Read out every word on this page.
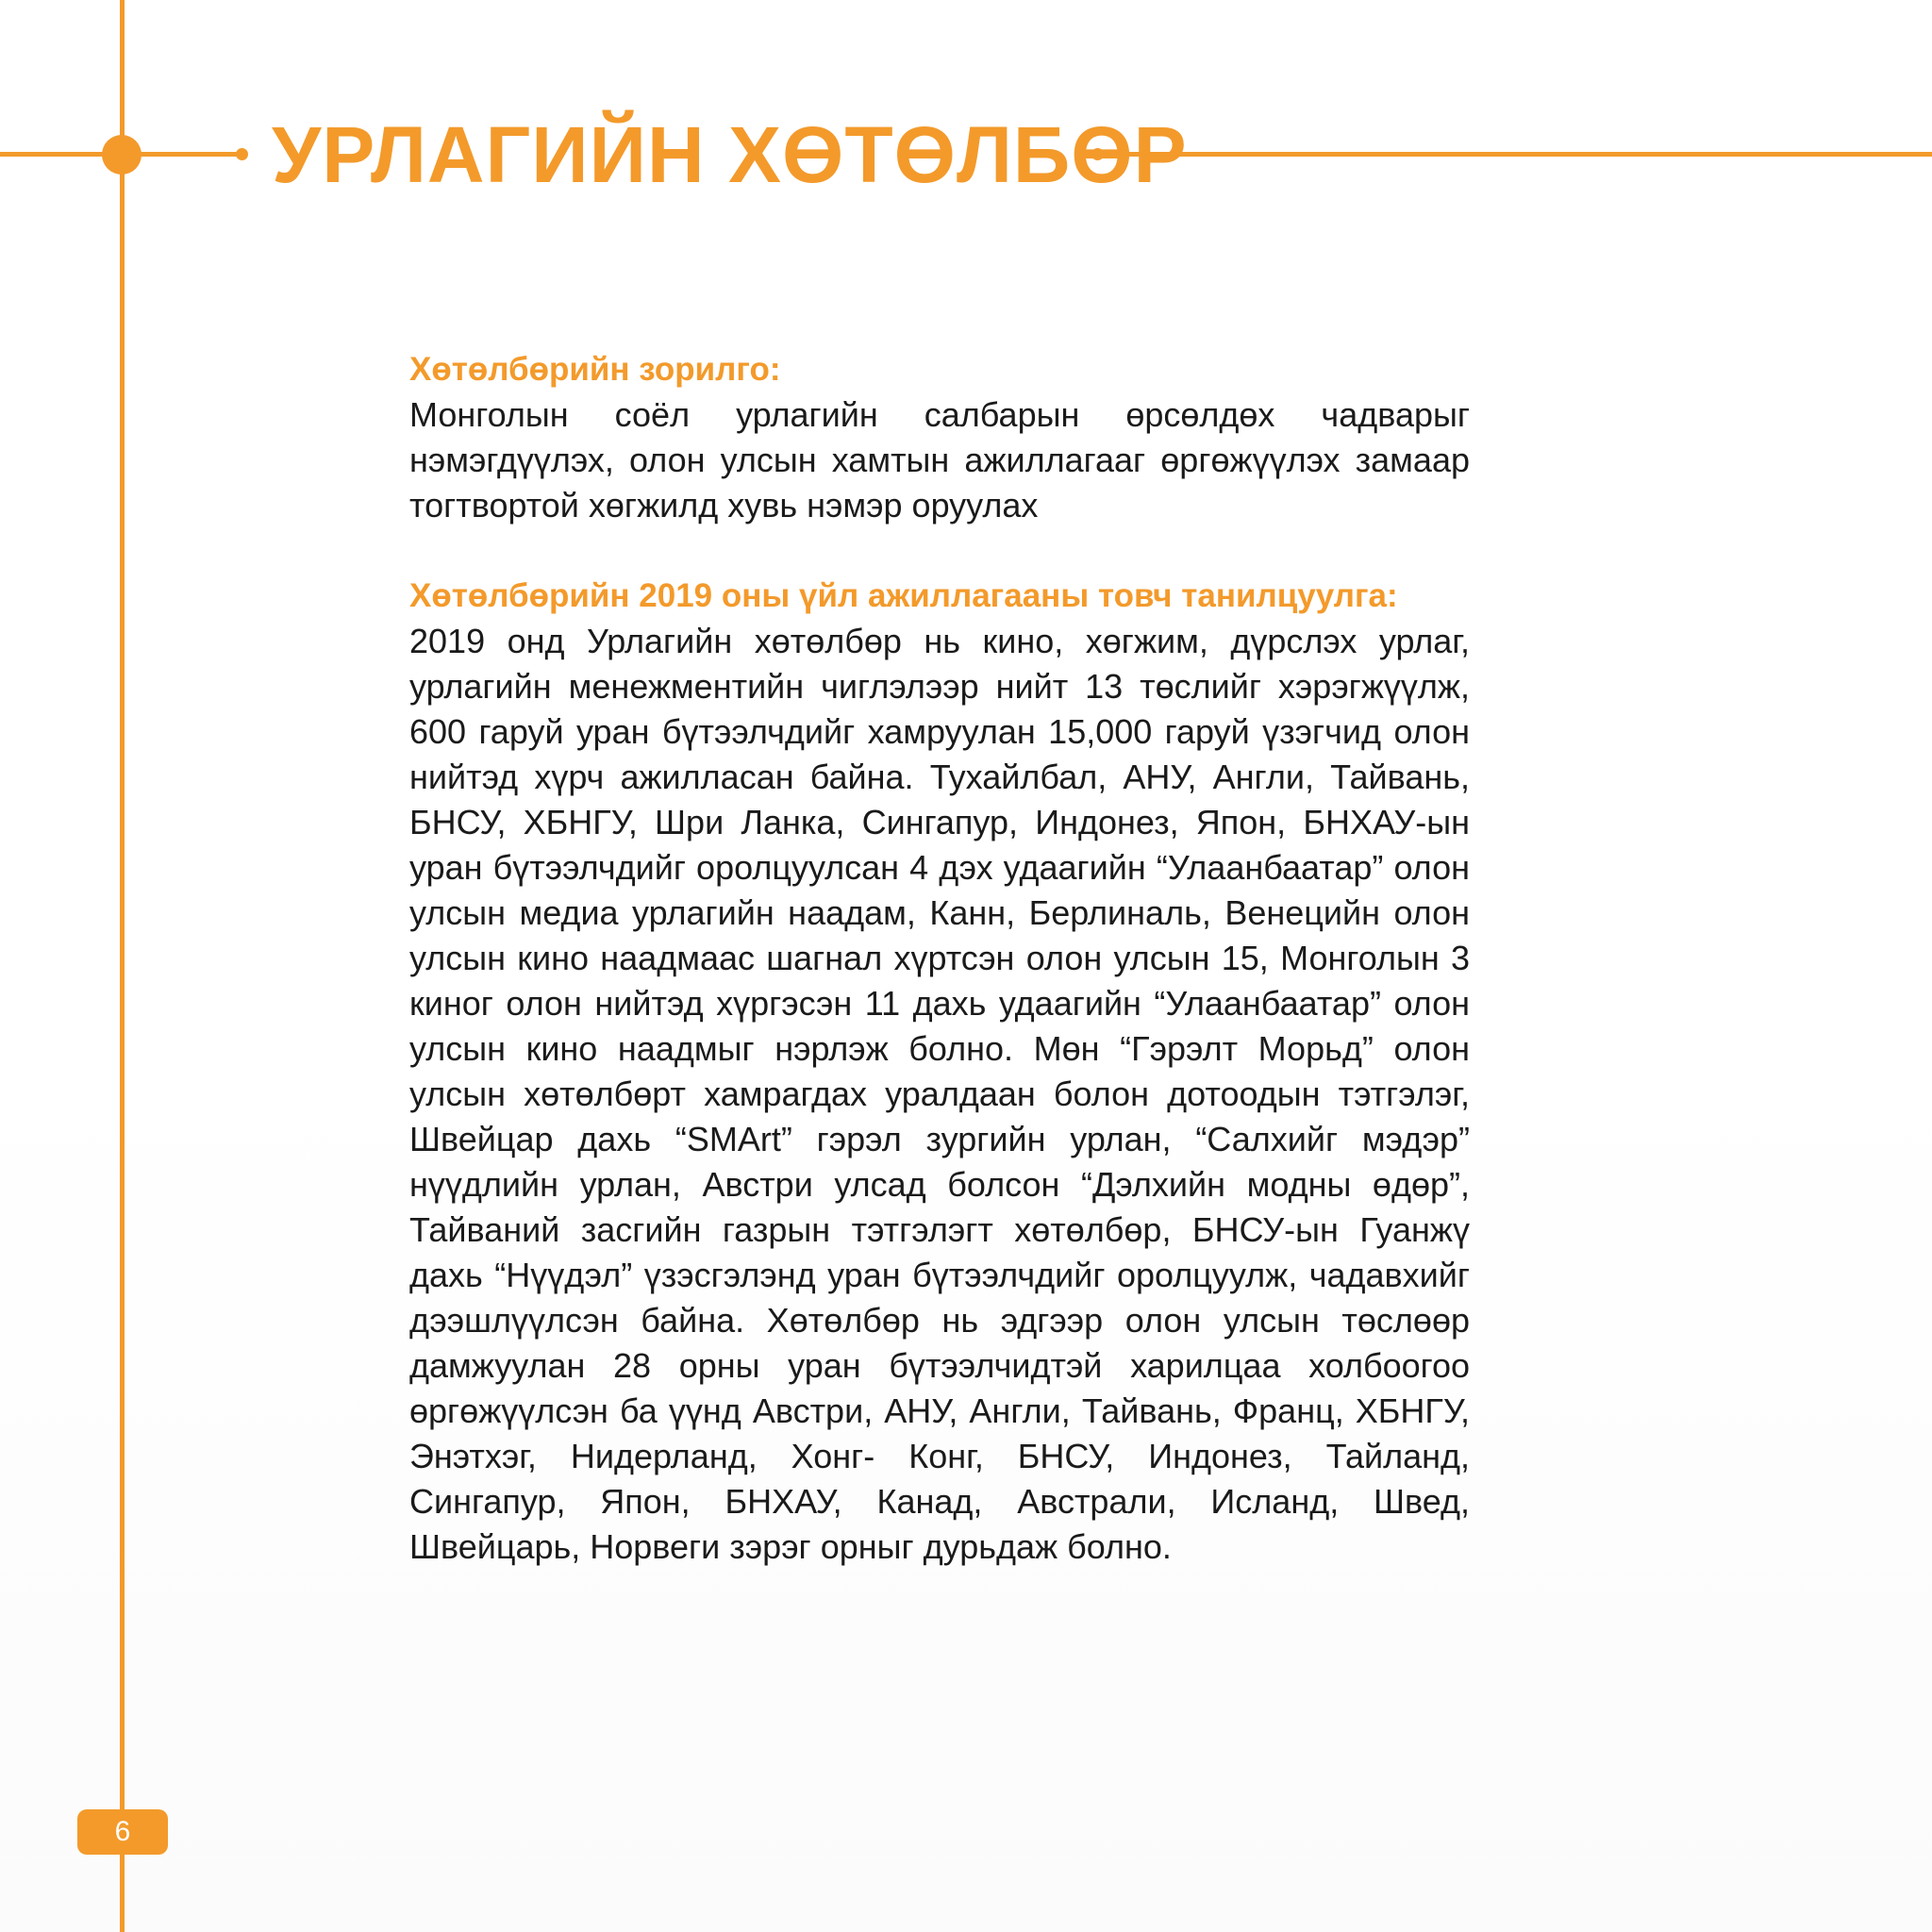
УРЛАГИЙН ХӨТӨЛБӨР

Хөтөлбөрийн зорилго:

Монголын соёл урлагийн салбарын өрсөлдөх чадварыг нэмэгдүүлэх, олон улсын хамтын ажиллагааг өргөжүүлэх замаар тогтвортой хөгжилд хувь нэмэр оруулах

Хөтөлбөрийн 2019 оны үйл ажиллагааны товч танилцуулга:

2019 онд Урлагийн хөтөлбөр нь кино, хөгжим, дүрслэх урлаг, урлагийн менежментийн чиглэлээр нийт 13 төслийг хэрэгжүүлж, 600 гаруй уран бүтээлчдийг хамруулан 15,000 гаруй үзэгчид олон нийтэд хүрч ажилласан байна. Тухайлбал, АНУ, Англи, Тайвань, БНСУ, ХБНГУ, Шри Ланка, Сингапур, Индонез, Япон, БНХАУ-ын уран бүтээлчдийг оролцуулсан 4 дэх удаагийн “Улаанбаатар” олон улсын медиа урлагийн наадам, Канн, Берлиналь, Венецийн олон улсын кино наадмаас шагнал хүртсэн олон улсын 15, Монголын 3 киног олон нийтэд хүргэсэн 11 дахь удаагийн “Улаанбаатар” олон улсын кино наадмыг нэрлэж болно. Мөн “Гэрэлт Морьд” олон улсын хөтөлбөрт хамрагдах уралдаан болон дотоодын тэтгэлэг, Швейцар дахь “SMArt” гэрэл зургийн урлан, “Салхийг мэдэр” нүүдлийн урлан, Австри улсад болсон “Дэлхийн модны өдөр”, Тайваний засгийн газрын тэтгэлэгт хөтөлбөр, БНСУ-ын Гуанжү дахь “Нүүдэл” үзэсгэлэнд уран бүтээлчдийг оролцуулж, чадавхийг дээшлүүлсэн байна. Хөтөлбөр нь эдгээр олон улсын төслөөр дамжуулан 28 орны уран бүтээлчидтэй харилцаа холбоогоо өргөжүүлсэн ба үүнд Австри, АНУ, Англи, Тайвань, Франц, ХБНГУ, Энэтхэг, Нидерланд, Хонг- Конг, БНСУ, Индонез, Тайланд, Сингапур, Япон, БНХАУ, Канад, Австрали, Исланд, Швед, Швейцарь, Норвеги зэрэг орныг дурьдаж болно.

6
